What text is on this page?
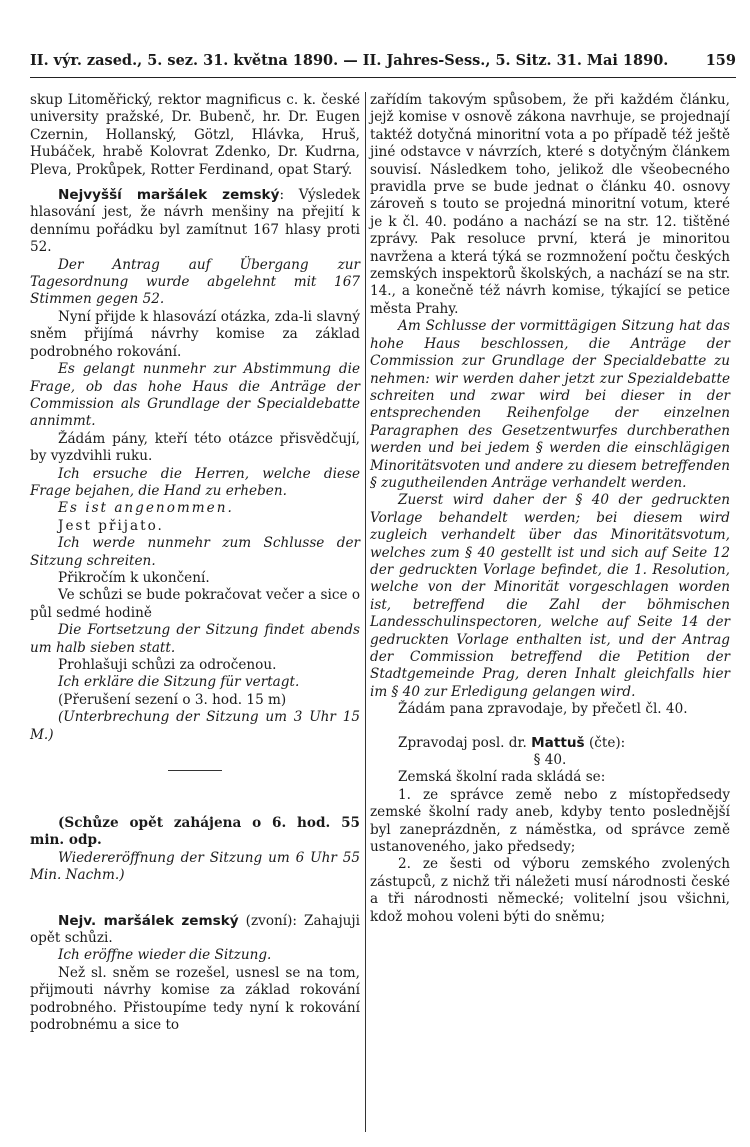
II. výr. zased., 5. sez. 31. května 1890. — II. Jahres-Sess., 5. Sitz. 31. Mai 1890.	159

skup Litoměřický, rektor magnificus c. k. české university pražské, Dr. Bubenč, hr. Dr. Eugen Czernin, Hollanský, Götzl, Hlávka, Hruš, Hubáček, hrabě Kolovrat Zdenko, Dr. Kudrna, Pleva, Prokůpek, Rotter Ferdinand, opat Starý.

Nejvyšší maršálek zemský: Výsledek hlasování jest, že návrh menšiny na přejití k dennímu pořádku byl zamítnut 167 hlasy proti 52.

Der Antrag auf Übergang zur Tagesordnung wurde abgelehnt mit 167 Stimmen gegen 52.

Nyní přijde k hlasovází otázka, zda-li slavný sněm přijímá návrhy komise za základ podrobného rokování.

Es gelangt nunmehr zur Abstimmung die Frage, ob das hohe Haus die Anträge der Commission als Grundlage der Specialdebatte annimmt.

Žádám pány, kteří této otázce přisvědčují, by vyzdvihli ruku.

Ich ersuche die Herren, welche diese Frage bejahen, die Hand zu erheben.

Es ist angenommen.

Jest přijato.

Ich werde nunmehr zum Schlusse der Sitzung schreiten.

Přikročím k ukončení.

Ve schůzi se bude pokračovat večer a sice o půl sedmé hodině

Die Fortsetzung der Sitzung findet abends um halb sieben statt.

Prohlašuji schůzi za odročenou.

Ich erkläre die Sitzung für vertagt.

(Přerušení sezení o 3. hod. 15 m)

(Unterbrechung der Sitzung um 3 Uhr 15 M.)

(Schůze opět zahájena o 6. hod. 55 min. odp.

Wiedereröffnung der Sitzung um 6 Uhr 55 Min. Nachm.)

Nejv. maršálek zemský (zvoní): Zahajuji opět schůzi.

Ich eröffne wieder die Sitzung.

Než sl. sněm se rozešel, usnesl se na tom, přijmouti návrhy komise za základ rokování podrobného. Přistoupíme tedy nyní k rokování podrobnému a sice to

zařídím takovým spůsobem, že při každém článku, jejž komise v osnově zákona navrhuje, se projednají taktéž dotyčná minoritní vota a po případě též ještě jiné odstavce v návrzích, které s dotyčným článkem souvisí. Následkem toho, jelikož dle všeobecného pravidla prve se bude jednat o článku 40. osnovy zároveň s touto se projedná minoritní votum, které je k čl. 40. podáno a nachází se na str. 12. tištěné zprávy. Pak resoluce první, která je minoritou navržena a která týká se rozmnožení počtu českých zemských inspektorů školských, a nachází se na str. 14., a konečně též návrh komise, týkající se petice města Prahy.

Am Schlusse der vormittägigen Sitzung hat das hohe Haus beschlossen, die Anträge der Commission zur Grundlage der Specialdebatte zu nehmen: wir werden daher jetzt zur Spezialdebatte schreiten und zwar wird bei dieser in der entsprechenden Reihenfolge der einzelnen Paragraphen des Gesetzentwurfes durchberathen werden und bei jedem § werden die einschlägigen Minoritätsvoten und andere zu diesem betreffenden § zugutheilenden Anträge verhandelt werden.

Zuerst wird daher der § 40 der gedruckten Vorlage behandelt werden; bei diesem wird zugleich verhandelt über das Minoritätsvotum, welches zum § 40 gestellt ist und sich auf Seite 12 der gedruckten Vorlage befindet, die 1. Resolution, welche von der Minorität vorgeschlagen worden ist, betreffend die Zahl der böhmischen Landesschulinspectoren, welche auf Seite 14 der gedruckten Vorlage enthalten ist, und der Antrag der Commission betreffend die Petition der Stadtgemeinde Prag, deren Inhalt gleichfalls hier im § 40 zur Erledigung gelangen wird.

Žádám pana zpravodaje, by přečetl čl. 40.

Zpravodaj posl. dr. Mattuš (čte):

§ 40.

Zemská školní rada skládá se:

1. ze správce země nebo z místopředsedy zemské školní rady aneb, kdyby tento poslednější byl zaneprázdněn, z náměstka, od správce země ustanoveného, jako předsedy;

2. ze šesti od výboru zemského zvolených zástupců, z nichž tři náležeti musí národnosti české a tři národnosti německé; volitelní jsou všichni, kdož mohou voleni býti do sněmu;
